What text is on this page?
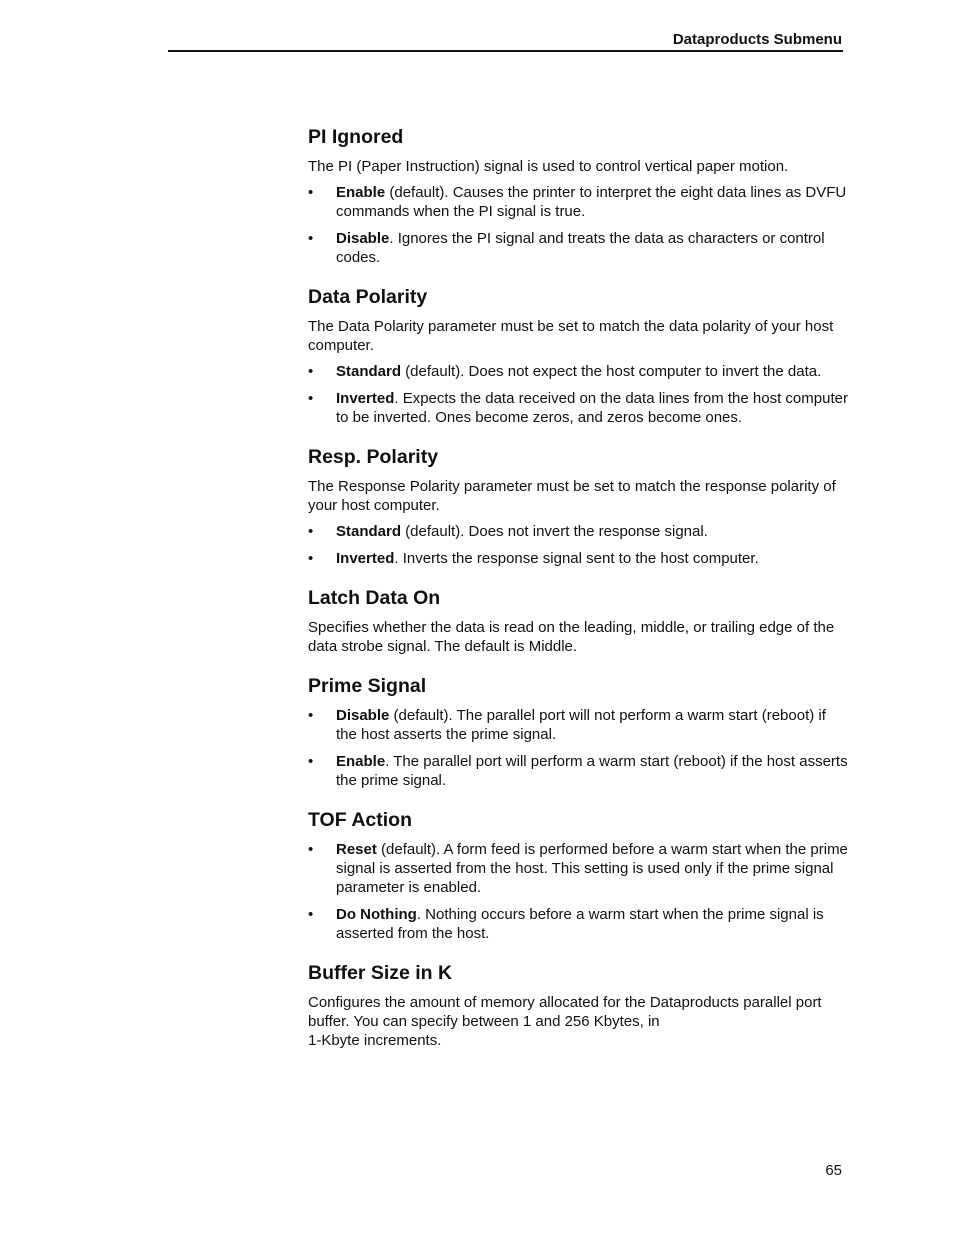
Dataproducts Submenu
PI Ignored

The PI (Paper Instruction) signal is used to control vertical paper motion.

• Enable (default). Causes the printer to interpret the eight data lines as DVFU commands when the PI signal is true.
• Disable. Ignores the PI signal and treats the data as characters or control codes.
Data Polarity

The Data Polarity parameter must be set to match the data polarity of your host computer.

• Standard (default). Does not expect the host computer to invert the data.
• Inverted. Expects the data received on the data lines from the host computer to be inverted. Ones become zeros, and zeros become ones.
Resp. Polarity

The Response Polarity parameter must be set to match the response polarity of your host computer.

• Standard (default). Does not invert the response signal.
• Inverted. Inverts the response signal sent to the host computer.
Latch Data On

Specifies whether the data is read on the leading, middle, or trailing edge of the data strobe signal. The default is Middle.

Prime Signal
• Disable (default). The parallel port will not perform a warm start (reboot) if the host asserts the prime signal.
• Enable. The parallel port will perform a warm start (reboot) if the host asserts the prime signal.
TOF Action
• Reset (default). A form feed is performed before a warm start when the prime signal is asserted from the host. This setting is used only if the prime signal parameter is enabled.
• Do Nothing. Nothing occurs before a warm start when the prime signal is asserted from the host.
Buffer Size in K

Configures the amount of memory allocated for the Dataproducts parallel port buffer. You can specify between 1 and 256 Kbytes, in
1-Kbyte increments.

65
